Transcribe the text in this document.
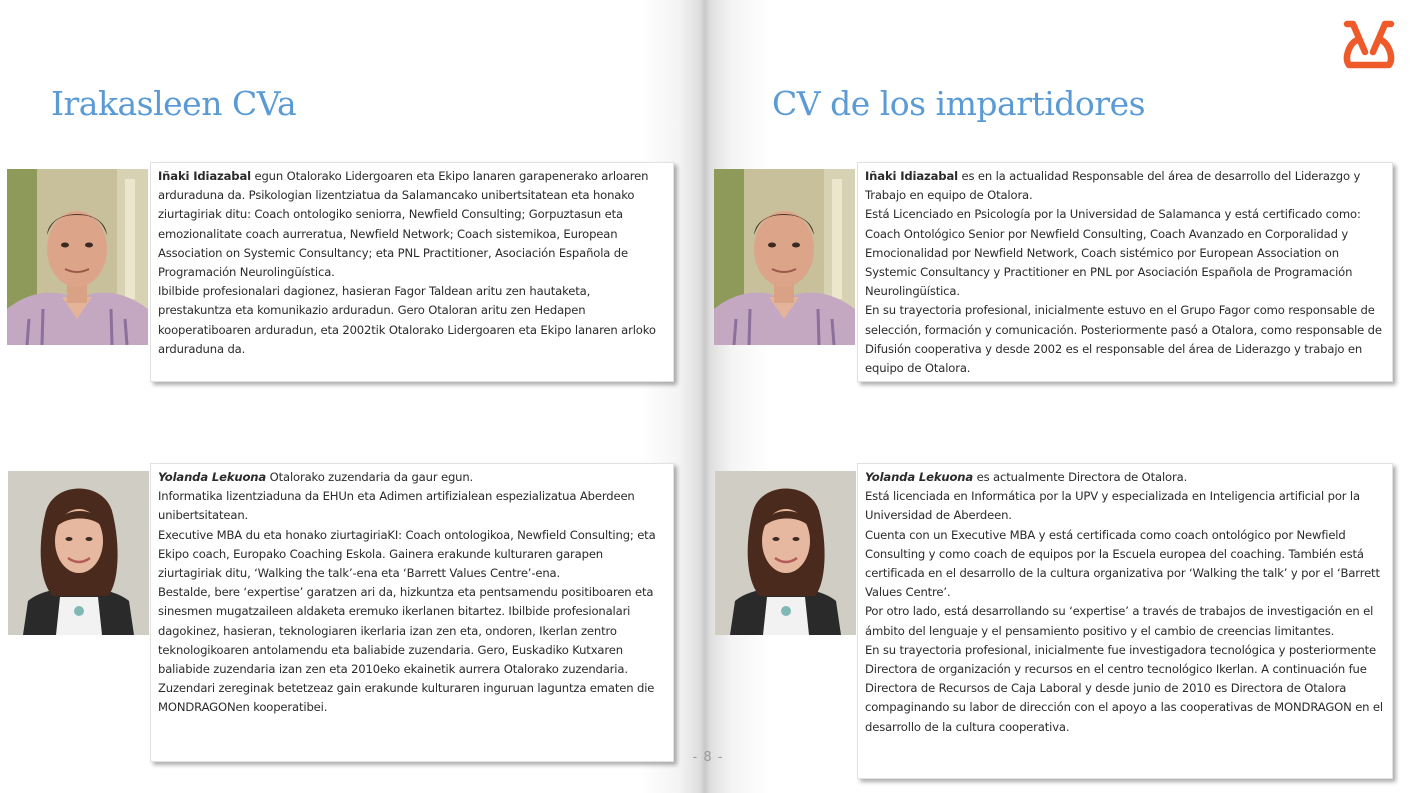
Irakasleen CVa	CV de los impartidores

Iñaki Idiazabal egun Otalorako Lidergoaren eta Ekipo lanaren garapenerako arloaren arduraduna da. Psikologian lizentziatua da Salamancako unibertsitatean eta honako ziurtagiriak ditu: Coach ontologiko seniorra, Newfield Consulting; Gorpuztasun eta emozionalitate coach aurreratua, Newfield Network; Coach sistemikoa, European Association on Systemic Consultancy; eta PNL Practitioner, Asociación Española de Programación Neurolingüística.

Ibilbide profesionalari dagionez, hasieran Fagor Taldean aritu zen hautaketa, prestakuntza eta komunikazio arduradun. Gero Otaloran aritu zen Hedapen kooperatiboaren arduradun, eta 2002tik Otalorako Lidergoaren eta Ekipo lanaren arloko arduraduna da.

Yolanda Lekuona Otalorako zuzendaria da gaur egun.

Informatika lizentziaduna da EHUn eta Adimen artifizialean espezializatua Aberdeen unibertsitatean.

Executive MBA du eta honako ziurtagiriaKI: Coach ontologikoa, Newfield Consulting; eta Ekipo coach, Europako Coaching Eskola. Gainera erakunde kulturaren garapen ziurtagiriak ditu, ‘Walking the talk’-ena eta ‘Barrett Values Centre’-ena.

Bestalde, bere ‘expertise’ garatzen ari da, hizkuntza eta pentsamendu positiboaren eta sinesmen mugatzaileen aldaketa eremuko ikerlanen bitartez. Ibilbide profesionalari dagokinez, hasieran, teknologiaren ikerlaria izan zen eta, ondoren, Ikerlan zentro teknologikoaren antolamendu eta baliabide zuzendaria. Gero, Euskadiko Kutxaren baliabide zuzendaria izan zen eta 2010eko ekainetik aurrera Otalorako zuzendaria. Zuzendari zereginak betetzeaz gain erakunde kulturaren inguruan laguntza ematen die MONDRAGONen kooperatibei.

Iñaki Idiazabal es en la actualidad Responsable del área de desarrollo del Liderazgo y Trabajo en equipo de Otalora.

Está Licenciado en Psicología por la Universidad de Salamanca y está certificado como: Coach Ontológico Senior por Newfield Consulting, Coach Avanzado en Corporalidad y Emocionalidad por Newfield Network, Coach sistémico por European Association on Systemic Consultancy y Practitioner en PNL por Asociación Española de Programación Neurolingüística.

En su trayectoria profesional, inicialmente estuvo en el Grupo Fagor como responsable de selección, formación y comunicación. Posteriormente pasó a Otalora, como responsable de Difusión cooperativa y desde 2002 es el responsable del área de Liderazgo y trabajo en equipo de Otalora.

Yolanda Lekuona es actualmente Directora de Otalora.

Está licenciada en Informática por la UPV y especializada en Inteligencia artificial por la Universidad de Aberdeen.

Cuenta con un Executive MBA y está certificada como coach ontológico por Newfield Consulting y como coach de equipos por la Escuela europea del coaching. También está certificada en el desarrollo de la cultura organizativa por ‘Walking the talk’ y por el ‘Barrett Values Centre’.

Por otro lado, está desarrollando su ‘expertise’ a través de trabajos de investigación en el ámbito del lenguaje y el pensamiento positivo y el cambio de creencias limitantes.

En su trayectoria profesional, inicialmente fue investigadora tecnológica y posteriormente Directora de organización y recursos en el centro tecnológico Ikerlan. A continuación fue Directora de Recursos de Caja Laboral y desde junio de 2010 es Directora de Otalora compaginando su labor de dirección con el apoyo a las cooperativas de MONDRAGON en el desarrollo de la cultura cooperativa.

- 8 -
